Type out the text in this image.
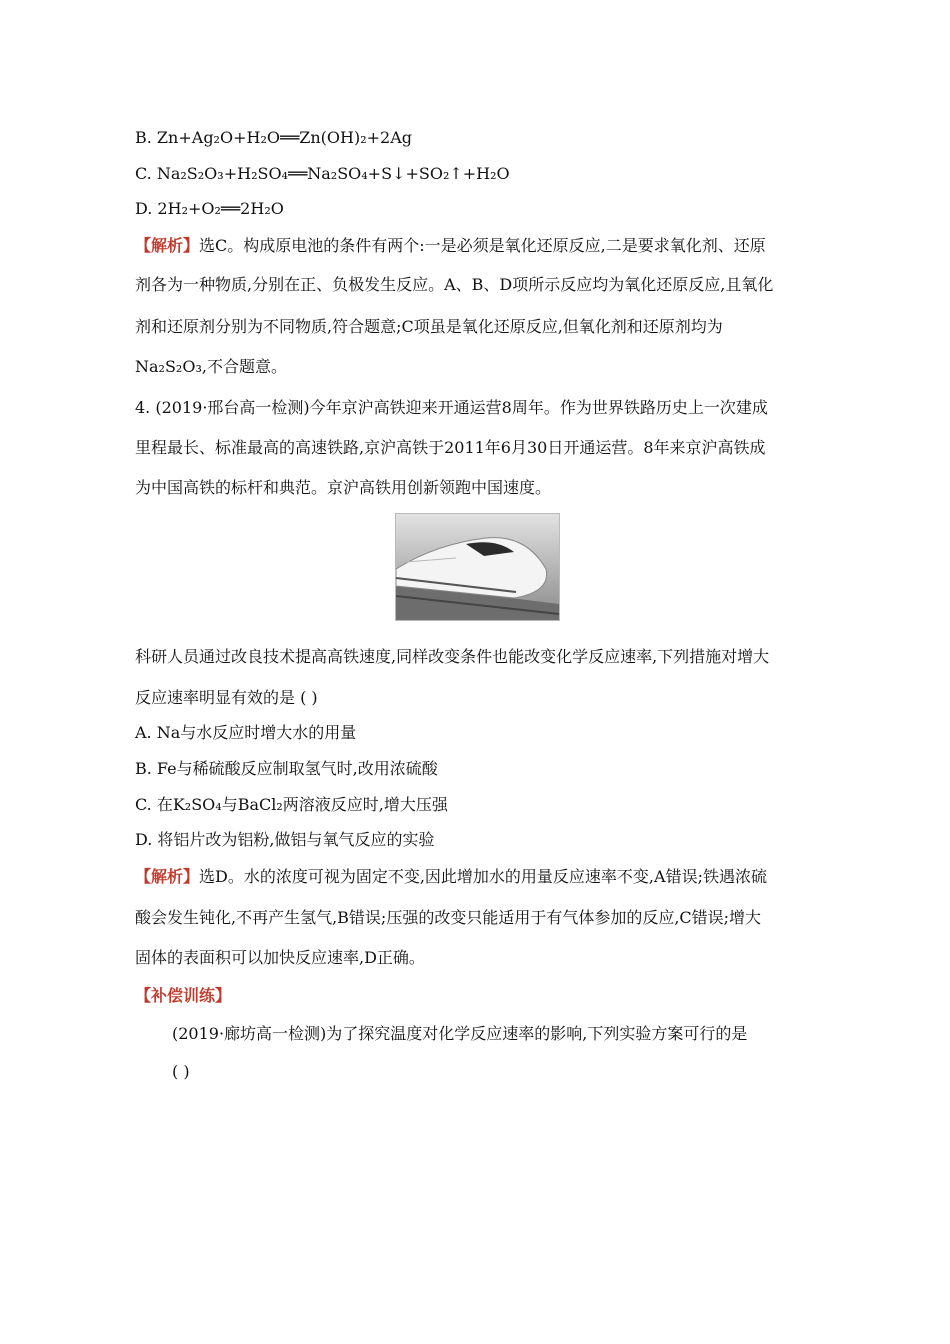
B. Zn+Ag₂O+H₂O══Zn(OH)₂+2Ag
C. Na₂S₂O₃+H₂SO₄══Na₂SO₄+S↓+SO₂↑+H₂O
D. 2H₂+O₂══2H₂O
【解析】选C。构成原电池的条件有两个:一是必须是氧化还原反应,二是要求氧化剂、还原
剂各为一种物质,分别在正、负极发生反应。A、B、D项所示反应均为氧化还原反应,且氧化
剂和还原剂分别为不同物质,符合题意;C项虽是氧化还原反应,但氧化剂和还原剂均为
Na₂S₂O₃,不合题意。
4. (2019·邢台高一检测)今年京沪高铁迎来开通运营8周年。作为世界铁路历史上一次建成
里程最长、标准最高的高速铁路,京沪高铁于2011年6月30日开通运营。8年来京沪高铁成
为中国高铁的标杆和典范。京沪高铁用创新领跑中国速度。
科研人员通过改良技术提高高铁速度,同样改变条件也能改变化学反应速率,下列措施对增大
反应速率明显有效的是 ( )
A. Na与水反应时增大水的用量
B. Fe与稀硫酸反应制取氢气时,改用浓硫酸
C. 在K₂SO₄与BaCl₂两溶液反应时,增大压强
D. 将铝片改为铝粉,做铝与氧气反应的实验
【解析】选D。水的浓度可视为固定不变,因此增加水的用量反应速率不变,A错误;铁遇浓硫
酸会发生钝化,不再产生氢气,B错误;压强的改变只能适用于有气体参加的反应,C错误;增大
固体的表面积可以加快反应速率,D正确。
【补偿训练】
(2019·廊坊高一检测)为了探究温度对化学反应速率的影响,下列实验方案可行的是
( )
